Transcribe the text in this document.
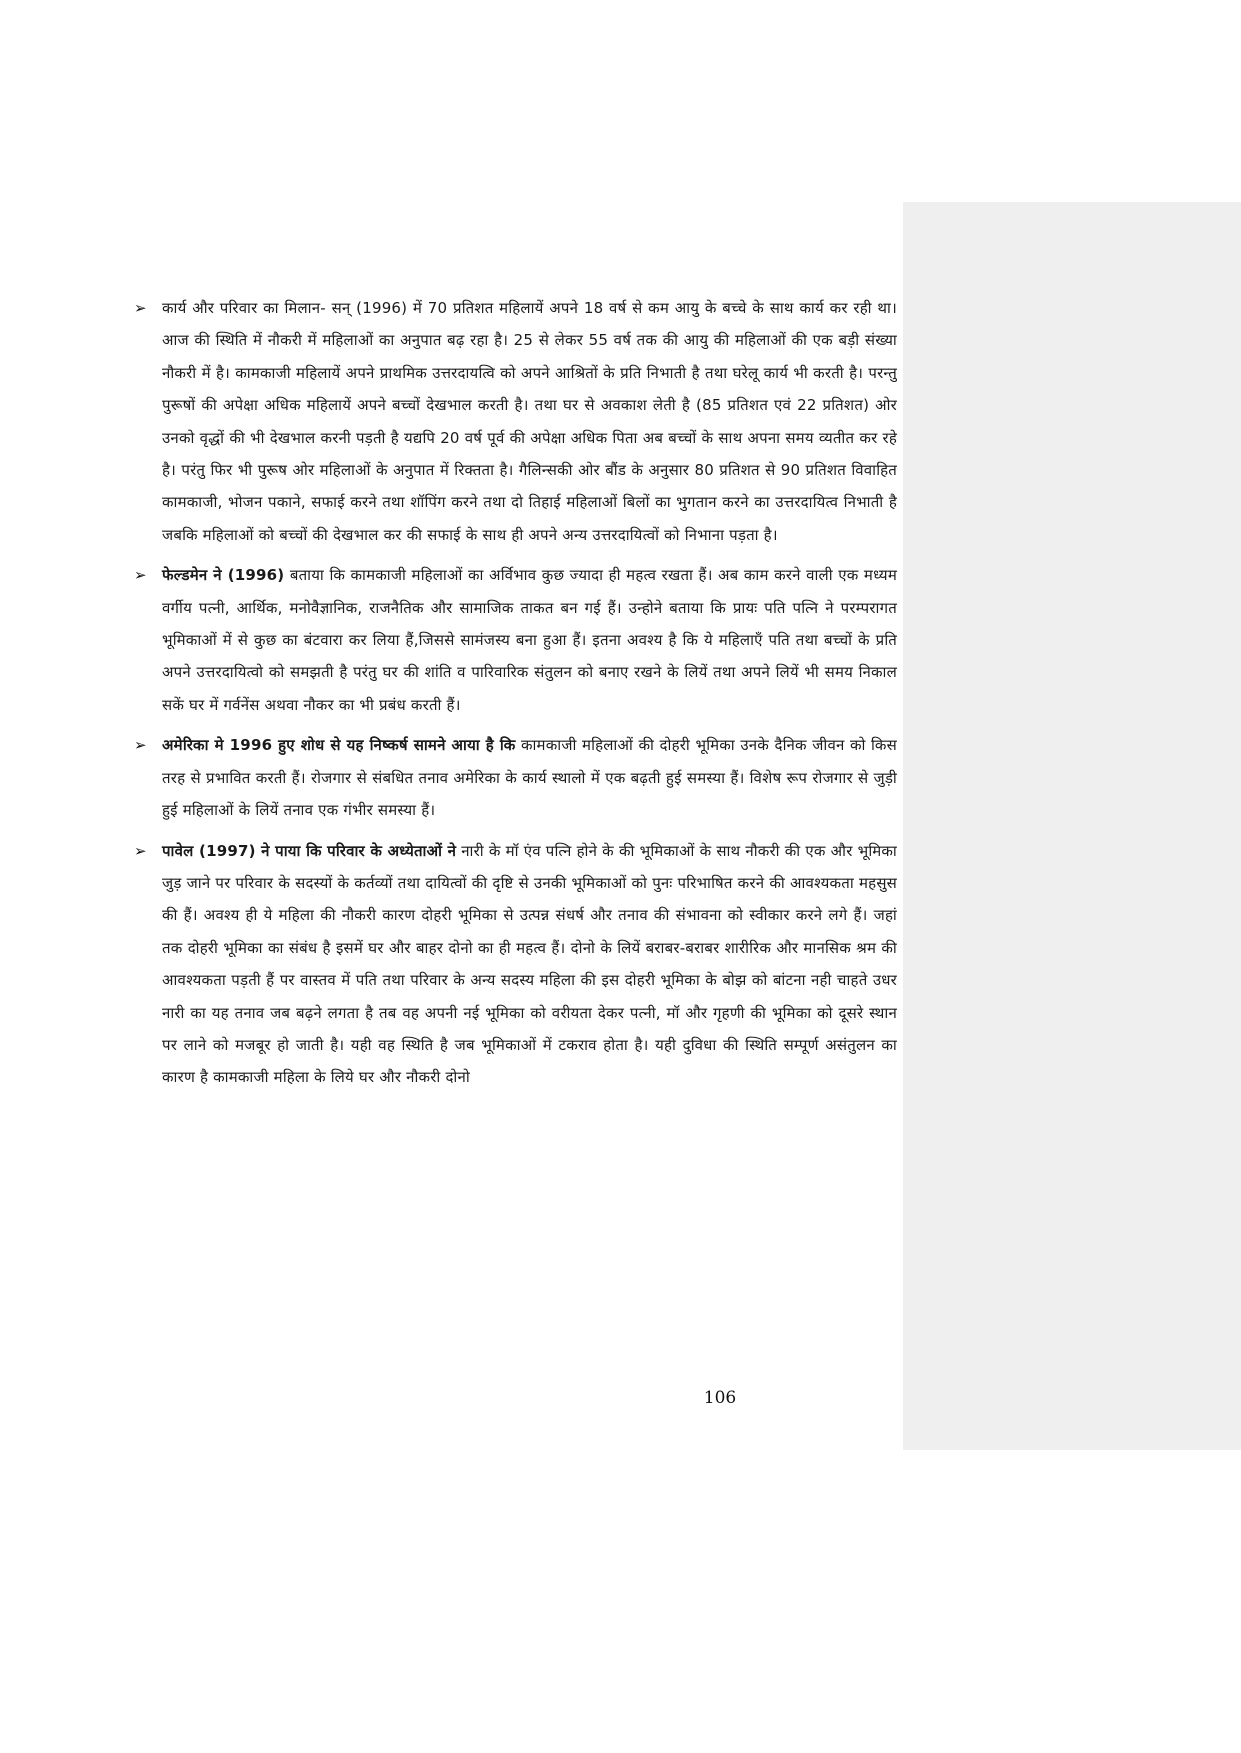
➢ कार्य और परिवार का मिलान- सन् (1996) में 70 प्रतिशत महिलायें अपने 18 वर्ष से कम आयु के बच्चे के साथ कार्य कर रही था। आज की स्थिति में नौकरी में महिलाओं का अनुपात बढ़ रहा है। 25 से लेकर 55 वर्ष तक की आयु की महिलाओं की एक बड़ी संख्या नौकरी में है। कामकाजी महिलायें अपने प्राथमिक उत्तरदायत्वि को अपने आश्रितों के प्रति निभाती है तथा घरेलू कार्य भी करती है। परन्तु पुरूषों की अपेक्षा अधिक महिलायें अपने बच्चों देखभाल करती है। तथा घर से अवकाश लेती है (85 प्रतिशत एवं 22 प्रतिशत) ओर उनको वृद्धों की भी देखभाल करनी पड़ती है यद्यपि 20 वर्ष पूर्व की अपेक्षा अधिक पिता अब बच्चों के साथ अपना समय व्यतीत कर रहे है। परंतु फिर भी पुरूष ओर महिलाओं के अनुपात में रिक्तता है। गैलिन्सकी ओर बौंड के अनुसार 80 प्रतिशत से 90 प्रतिशत विवाहित कामकाजी, भोजन पकाने, सफाई करने तथा शॉपिंग करने तथा दो तिहाई महिलाओं बिलों का भुगतान करने का उत्तरदायित्व निभाती है जबकि महिलाओं को बच्चों की देखभाल कर की सफाई के साथ ही अपने अन्य उत्तरदायित्वों को निभाना पड़ता है।

➢ फेल्डमेन ने (1996) बताया कि कामकाजी महिलाओं का अर्विभाव कुछ ज्यादा ही महत्व रखता हैं। अब काम करने वाली एक मध्यम वर्गीय पत्नी, आर्थिक, मनोवैज्ञानिक, राजनैतिक और सामाजिक ताकत बन गई हैं। उन्होने बताया कि प्रायः पति पत्नि ने परम्परागत भूमिकाओं में से कुछ का बंटवारा कर लिया हैं,जिससे सामंजस्य बना हुआ हैं। इतना अवश्य है कि ये महिलाएँ पति तथा बच्चों के प्रति अपने उत्तरदायित्वो को समझती है परंतु घर की शांति व पारिवारिक संतुलन को बनाए रखने के लियें तथा अपने लियें भी समय निकाल सकें घर में गर्वनेंस अथवा नौकर का भी प्रबंध करती हैं।

➢ अमेरिका मे 1996 हुए शोध से यह निष्कर्ष सामने आया है कि कामकाजी महिलाओं की दोहरी भूमिका उनके दैनिक जीवन को किस तरह से प्रभावित करती हैं। रोजगार से संबधित तनाव अमेरिका के कार्य स्थालो में एक बढ़ती हुई समस्या हैं। विशेष रूप रोजगार से जुड़ी हुई महिलाओं के लियें तनाव एक गंभीर समस्या हैं।

➢ पावेल (1997) ने पाया कि परिवार के अध्येताओं ने नारी के मॉ एंव पत्नि होने के की भूमिकाओं के साथ नौकरी की एक और भूमिका जुड़ जाने पर परिवार के सदस्यों के कर्तव्यों तथा दायित्वों की दृष्टि से उनकी भूमिकाओं को पुनः परिभाषित करने की आवश्यकता महसुस की हैं। अवश्य ही ये महिला की नौकरी कारण दोहरी भूमिका से उत्पन्न संधर्ष और तनाव की संभावना को स्वीकार करने लगे हैं। जहां तक दोहरी भूमिका का संबंध है इसमें घर और बाहर दोनो का ही महत्व हैं। दोनो के लियें बराबर-बराबर शारीरिक और मानसिक श्रम की आवश्यकता पड़ती हैं पर वास्तव में पति तथा परिवार के अन्य सदस्य महिला की इस दोहरी भूमिका के बोझ को बांटना नही चाहते उधर नारी का यह तनाव जब बढ़ने लगता है तब वह अपनी नई भूमिका को वरीयता देकर पत्नी, मॉ और गृहणी की भूमिका को दूसरे स्थान पर लाने को मजबूर हो जाती है। यही वह स्थिति है जब भूमिकाओं में टकराव होता है। यही दुविधा की स्थिति सम्पूर्ण असंतुलन का कारण है कामकाजी महिला के लिये घर और नौकरी दोनो

106
